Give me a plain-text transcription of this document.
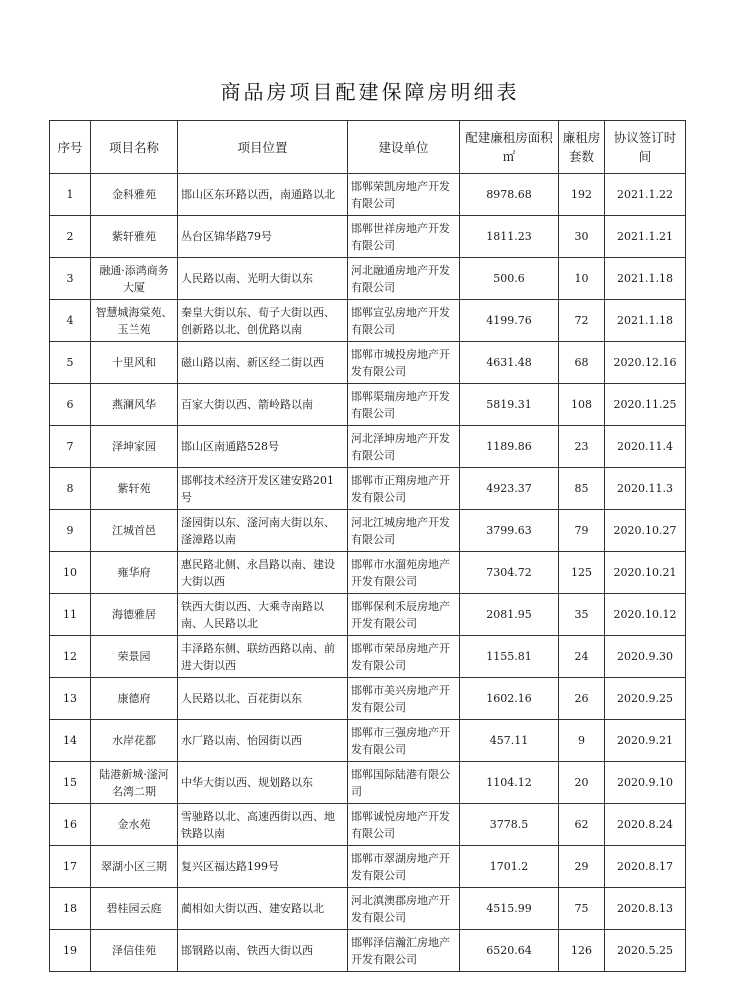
商品房项目配建保障房明细表
序号	项目名称	项目位置	建设单位	配建廉租房面积㎡	廉租房套数	协议签订时间
1	金科雅苑	邯山区东环路以西，南通路以北	邯郸荣凯房地产开发有限公司	8978.68	192	2021.1.22
2	紫轩雅苑	丛台区锦华路79号	邯郸世祥房地产开发有限公司	1811.23	30	2021.1.21
3	融通·添鸿商务大厦	人民路以南、光明大街以东	河北融通房地产开发有限公司	500.6	10	2021.1.18
4	智慧城海棠苑、玉兰苑	秦皇大街以东、荀子大街以西、创新路以北、创优路以南	邯郸宣弘房地产开发有限公司	4199.76	72	2021.1.18
5	十里风和	磁山路以南、新区经二街以西	邯郸市城投房地产开发有限公司	4631.48	68	2020.12.16
6	燕澜风华	百家大街以西、箭岭路以南	邯郸渠瑞房地产开发有限公司	5819.31	108	2020.11.25
7	泽坤家园	邯山区南通路528号	河北泽坤房地产开发有限公司	1189.86	23	2020.11.4
8	紫轩苑	邯郸技术经济开发区建安路201号	邯郸市正翔房地产开发有限公司	4923.37	85	2020.11.3
9	江城首邑	滏园街以东、滏河南大街以东、滏漳路以南	河北江城房地产开发有限公司	3799.63	79	2020.10.27
10	雍华府	惠民路北侧、永昌路以南、建设大街以西	邯郸市水溜苑房地产开发有限公司	7304.72	125	2020.10.21
11	海德雅居	铁西大街以西、大乘寺南路以南、人民路以北	邯郸保利禾辰房地产开发有限公司	2081.95	35	2020.10.12
12	荣景园	丰泽路东侧、联纺西路以南、前进大街以西	邯郸市荣昂房地产开发有限公司	1155.81	24	2020.9.30
13	康德府	人民路以北、百花街以东	邯郸市美兴房地产开发有限公司	1602.16	26	2020.9.25
14	水岸花都	水厂路以南、怡园街以西	邯郸市三强房地产开发有限公司	457.11	9	2020.9.21
15	陆港新城·滏河名湾二期	中华大街以西、规划路以东	邯郸国际陆港有限公司	1104.12	20	2020.9.10
16	金水苑	雪驰路以北、高速西街以西、地铁路以南	邯郸诚悦房地产开发有限公司	3778.5	62	2020.8.24
17	翠湖小区三期	复兴区福达路199号	邯郸市翠湖房地产开发有限公司	1701.2	29	2020.8.17
18	碧桂园云庭	蔺相如大街以西、建安路以北	河北滇澳郡房地产开发有限公司	4515.99	75	2020.8.13
19	泽信佳苑	邯钢路以南、铁西大街以西	邯郸泽信瀚汇房地产开发有限公司	6520.64	126	2020.5.25
